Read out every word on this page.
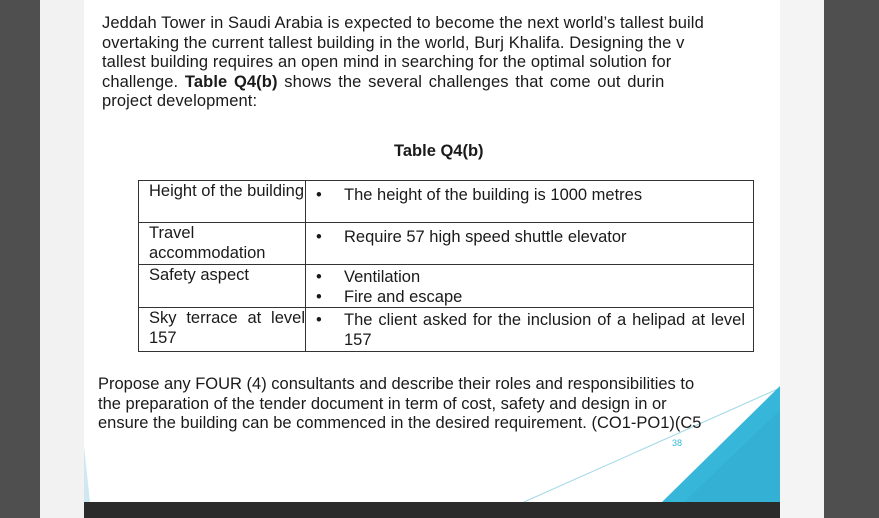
Jeddah Tower in Saudi Arabia is expected to become the next world’s tallest build
overtaking the current tallest building in the world, Burj Khalifa. Designing the v
tallest building requires an open mind in searching for the optimal solution for
challenge. Table Q4(b) shows the several challenges that come out durin
project development:
Table Q4(b)
Height of the building	• The height of the building is 1000 metres
Travel accommodation	• Require 57 high speed shuttle elevator
Safety aspect	• Ventilation
• Fire and escape

Sky terrace at level 157	• The client asked for the inclusion of a helipad at level 157
Propose any FOUR (4) consultants and describe their roles and responsibilities to
the preparation of the tender document in term of cost, safety and design in or
ensure the building can be commenced in the desired requirement. (CO1-PO1)(C5
38
